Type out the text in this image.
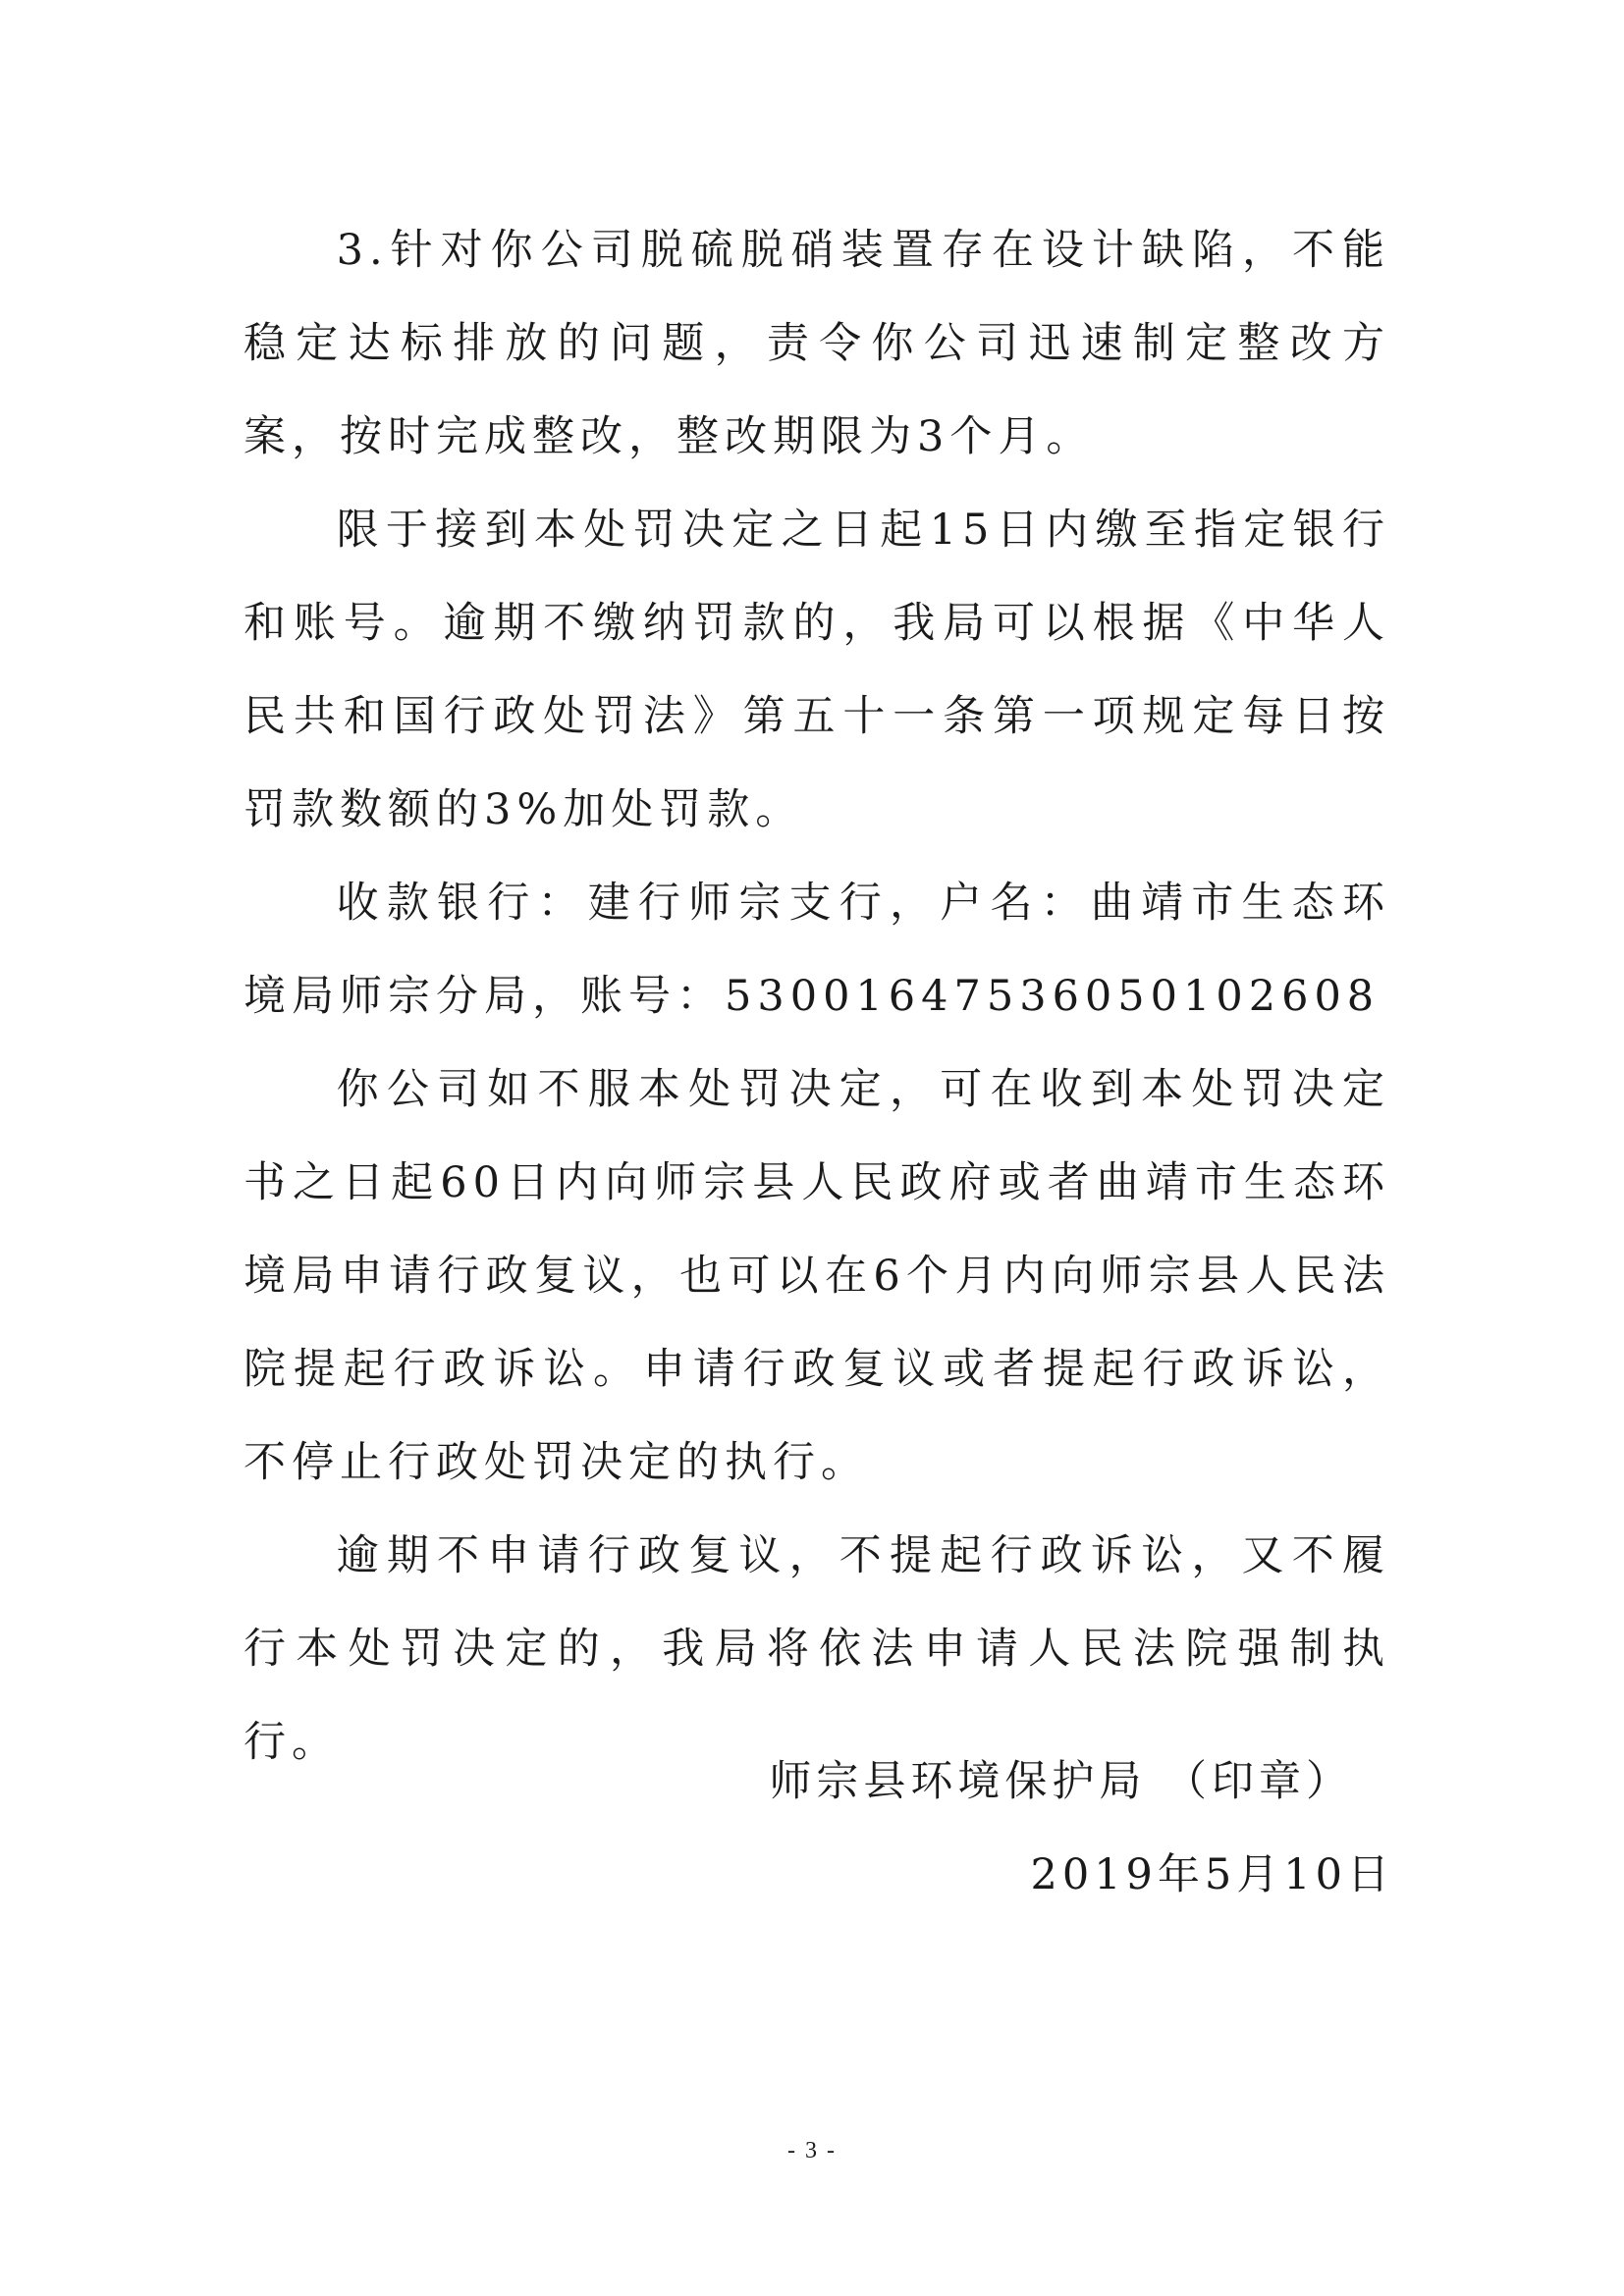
3.针对你公司脱硫脱硝装置存在设计缺陷，不能稳定达标排放的问题，责令你公司迅速制定整改方案，按时完成整改，整改期限为3个月。

限于接到本处罚决定之日起15日内缴至指定银行和账号。逾期不缴纳罚款的，我局可以根据《中华人民共和国行政处罚法》第五十一条第一项规定每日按罚款数额的3%加处罚款。

收款银行：建行师宗支行，户名：曲靖市生态环境局师宗分局，账号：53001647536050102608

你公司如不服本处罚决定，可在收到本处罚决定书之日起60日内向师宗县人民政府或者曲靖市生态环境局申请行政复议，也可以在6个月内向师宗县人民法院提起行政诉讼。申请行政复议或者提起行政诉讼，不停止行政处罚决定的执行。

逾期不申请行政复议，不提起行政诉讼，又不履行本处罚决定的，我局将依法申请人民法院强制执行。

师宗县环境保护局 （印章）
2019年5月10日
- 3 -
